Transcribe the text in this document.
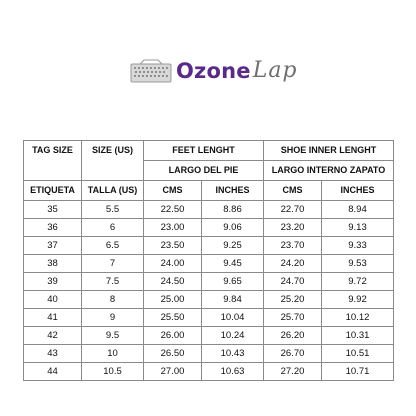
Ozone Lap
TAG SIZE	SIZE (US)	FEET LENGHT		SHOE INNER LENGHT	
		LARGO DEL PIE		LARGO INTERNO ZAPATO	
ETIQUETA	TALLA (US)	CMS	INCHES	CMS	INCHES
35	5.5	22.50	8.86	22.70	8.94
36	6	23.00	9.06	23.20	9.13
37	6.5	23.50	9.25	23.70	9.33
38	7	24.00	9.45	24.20	9.53
39	7.5	24.50	9.65	24.70	9.72
40	8	25.00	9.84	25.20	9.92
41	9	25.50	10.04	25.70	10.12
42	9.5	26.00	10.24	26.20	10.31
43	10	26.50	10.43	26.70	10.51
44	10.5	27.00	10.63	27.20	10.71
